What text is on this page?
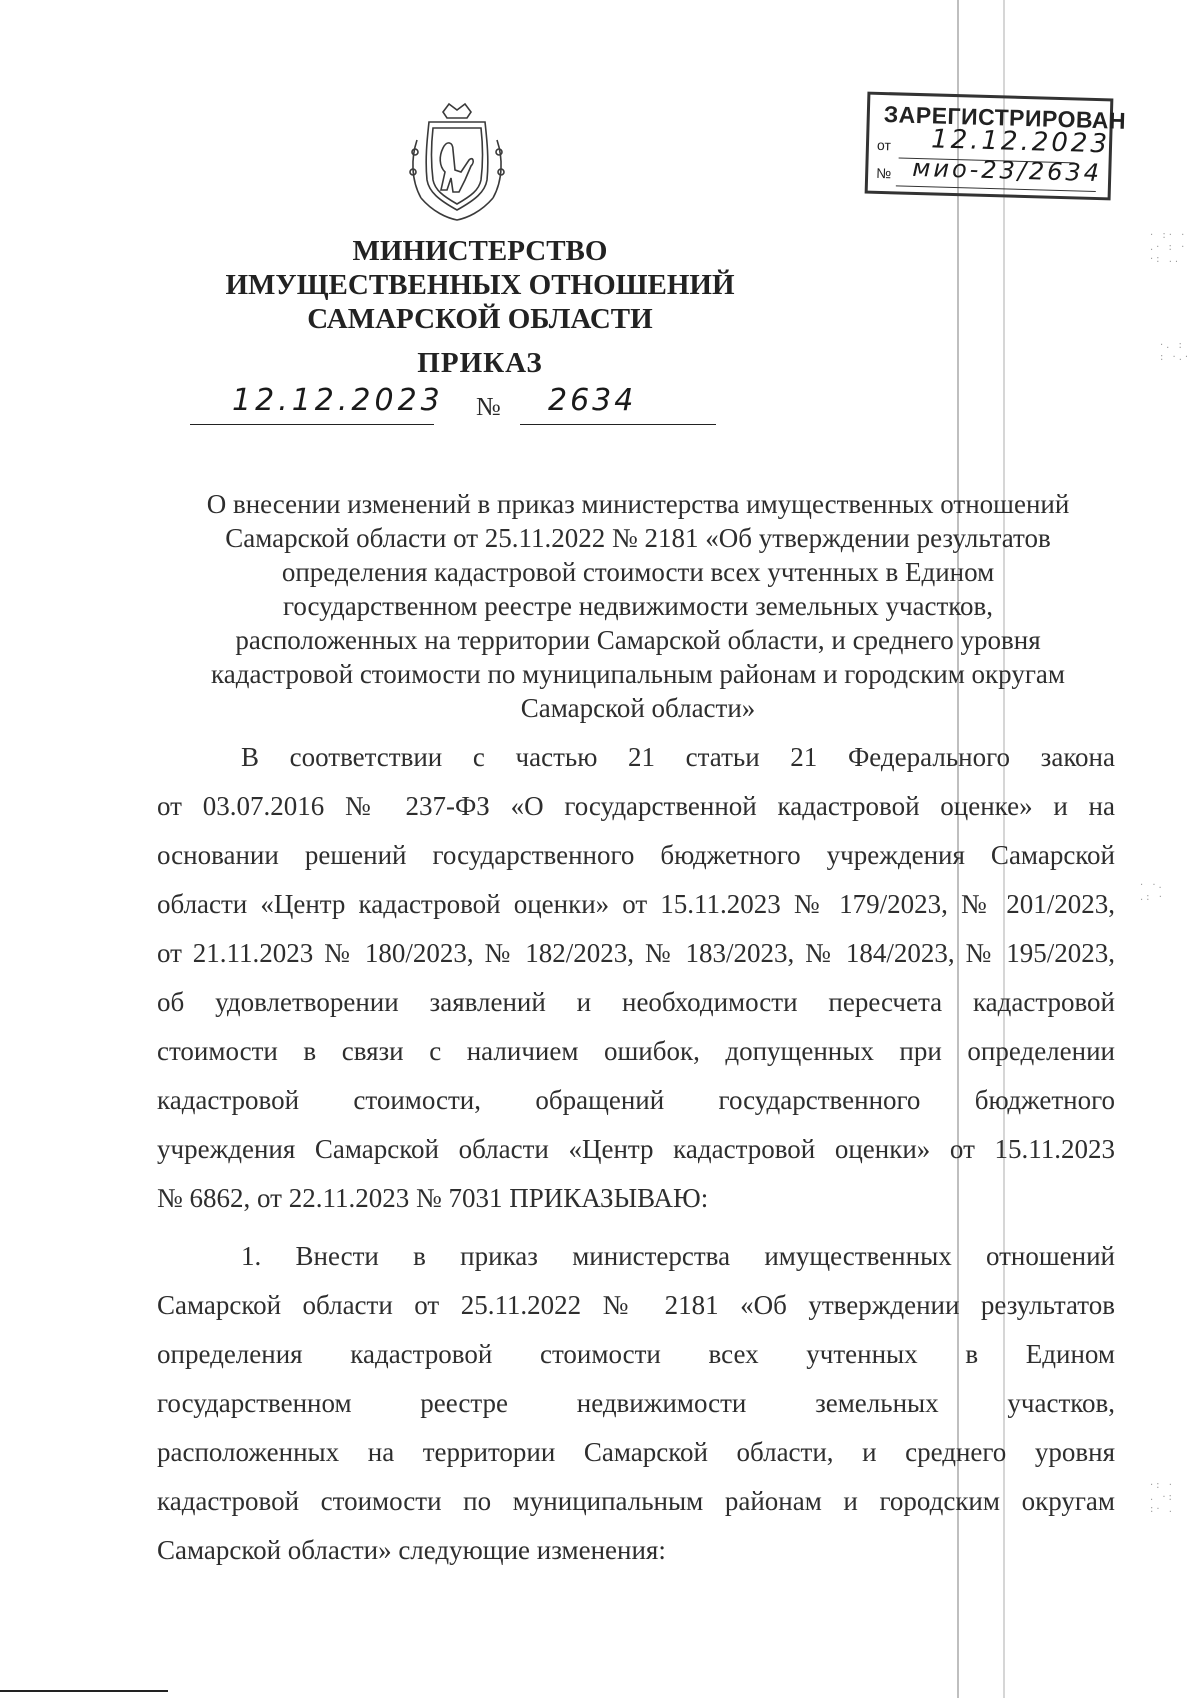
· :· ·
.· : ·
·: ..
·. :
: ·.·
· ·.
.: ·
·: ·
. ·:
:· .
ЗАРЕГИСТРИРОВАН
от 12.12.2023
№ мио-23/2634
МИНИСТЕРСТВО
ИМУЩЕСТВЕННЫХ ОТНОШЕНИЙ
САМАРСКОЙ ОБЛАСТИ
ПРИКАЗ
12.12.2023 № 2634
О внесении изменений в приказ министерства имущественных отношений
Самарской области от 25.11.2022 № 2181 «Об утверждении результатов
определения кадастровой стоимости всех учтенных в Едином
государственном реестре недвижимости земельных участков,
расположенных на территории Самарской области, и среднего уровня
кадастровой стоимости по муниципальным районам и городским округам
Самарской области»
В соответствии с частью 21 статьи 21 Федерального закона
от 03.07.2016 № 237-ФЗ «О государственной кадастровой оценке» и на
основании решений государственного бюджетного учреждения Самарской
области «Центр кадастровой оценки» от 15.11.2023 № 179/2023, № 201/2023,
от 21.11.2023 № 180/2023, № 182/2023, № 183/2023, № 184/2023, № 195/2023,
об удовлетворении заявлений и необходимости пересчета кадастровой
стоимости в связи с наличием ошибок, допущенных при определении
кадастровой стоимости, обращений государственного бюджетного
учреждения Самарской области «Центр кадастровой оценки» от 15.11.2023
№ 6862, от 22.11.2023 № 7031 ПРИКАЗЫВАЮ:
1. Внести в приказ министерства имущественных отношений
Самарской области от 25.11.2022 № 2181 «Об утверждении результатов
определения кадастровой стоимости всех учтенных в Едином
государственном реестре недвижимости земельных участков,
расположенных на территории Самарской области, и среднего уровня
кадастровой стоимости по муниципальным районам и городским округам
Самарской области» следующие изменения:
